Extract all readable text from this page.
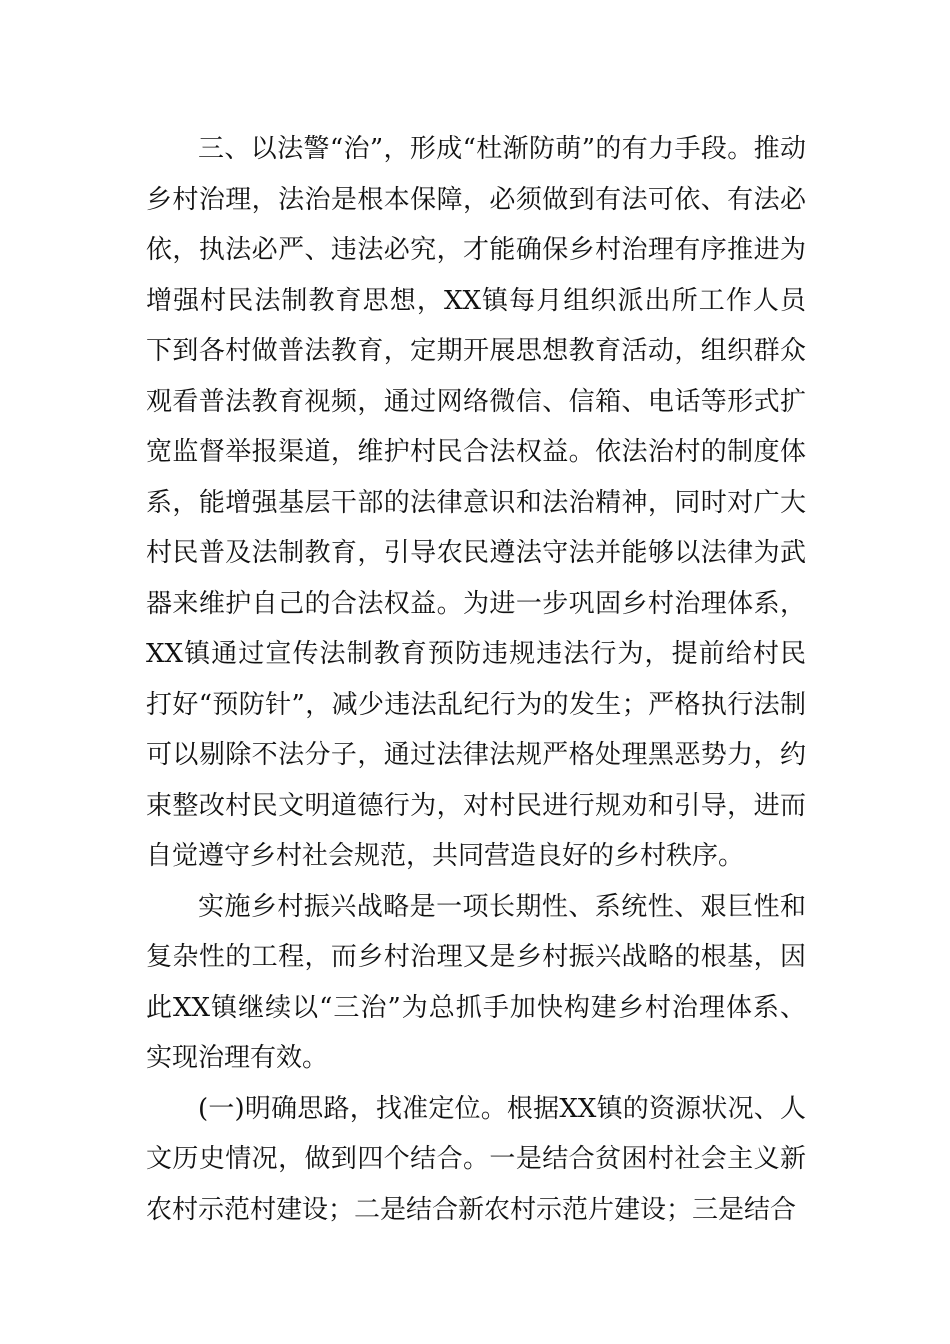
三、以法警“治”，形成“杜渐防萌”的有力手段。推动乡村治理，法治是根本保障，必须做到有法可依、有法必依，执法必严、违法必究，才能确保乡村治理有序推进为增强村民法制教育思想，XX镇每月组织派出所工作人员下到各村做普法教育，定期开展思想教育活动，组织群众观看普法教育视频，通过网络微信、信箱、电话等形式扩宽监督举报渠道，维护村民合法权益。依法治村的制度体系，能增强基层干部的法律意识和法治精神，同时对广大村民普及法制教育，引导农民遵法守法并能够以法律为武器来维护自己的合法权益。为进一步巩固乡村治理体系，XX镇通过宣传法制教育预防违规违法行为，提前给村民打好“预防针”，减少违法乱纪行为的发生；严格执行法制可以剔除不法分子，通过法律法规严格处理黑恶势力，约束整改村民文明道德行为，对村民进行规劝和引导，进而自觉遵守乡村社会规范，共同营造良好的乡村秩序。

实施乡村振兴战略是一项长期性、系统性、艰巨性和复杂性的工程，而乡村治理又是乡村振兴战略的根基，因此XX镇继续以“三治”为总抓手加快构建乡村治理体系、实现治理有效。

(一)明确思路，找准定位。根据XX镇的资源状况、人文历史情况，做到四个结合。一是结合贫困村社会主义新农村示范村建设；二是结合新农村示范片建设；三是结合
